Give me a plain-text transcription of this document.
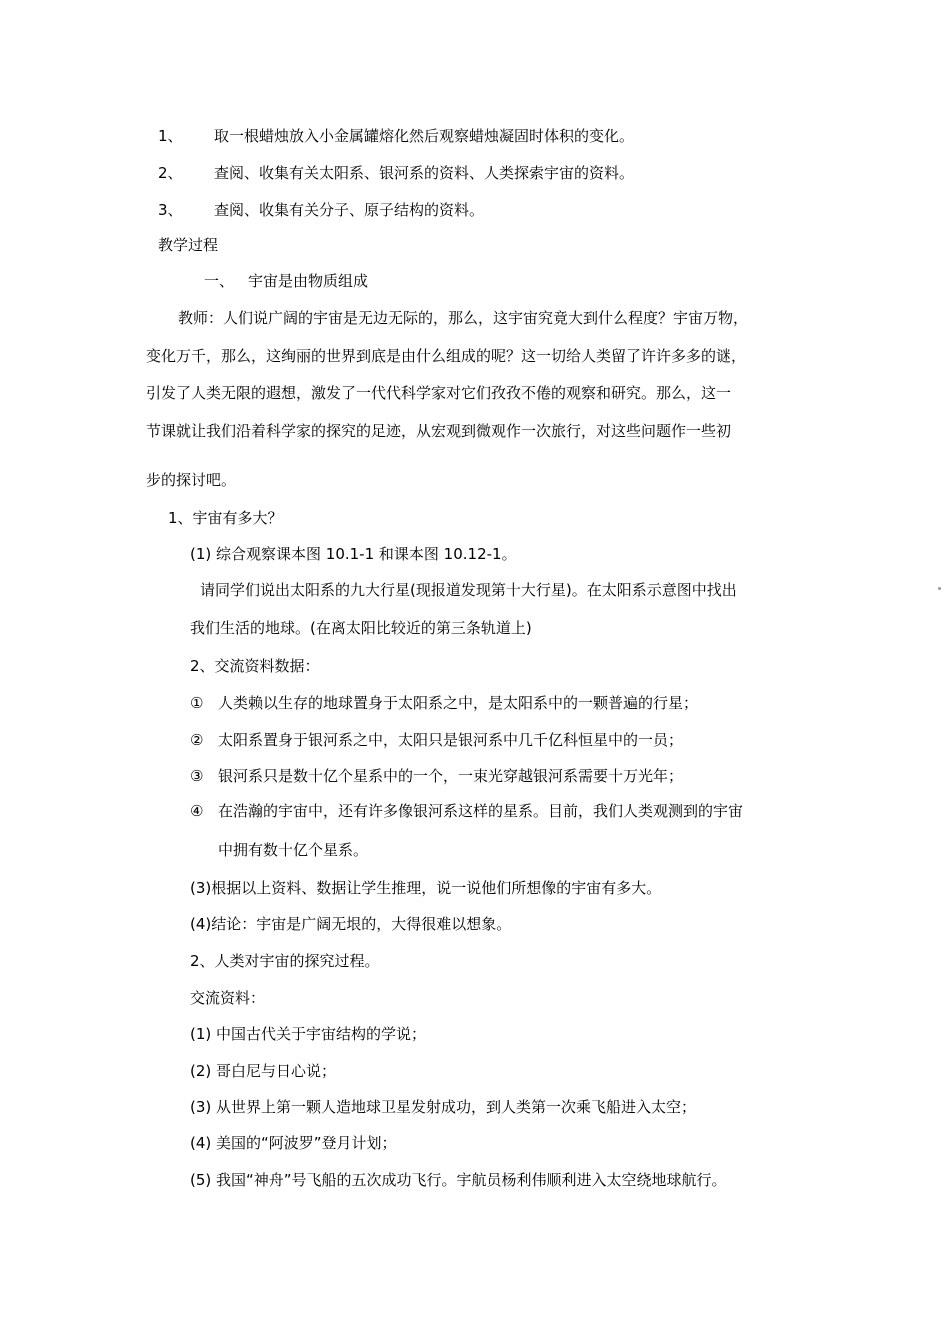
1、 取一根蜡烛放入小金属罐熔化然后观察蜡烛凝固时体积的变化。
2、 查阅、收集有关太阳系、银河系的资料、人类探索宇宙的资料。
3、 查阅、收集有关分子、原子结构的资料。
教学过程
一、 宇宙是由物质组成
教师：人们说广阔的宇宙是无边无际的，那么，这宇宙究竟大到什么程度？宇宙万物，
变化万千，那么，这绚丽的世界到底是由什么组成的呢？这一切给人类留了许许多多的谜，
引发了人类无限的遐想，激发了一代代科学家对它们孜孜不倦的观察和研究。那么，这一
节课就让我们沿着科学家的探究的足迹，从宏观到微观作一次旅行，对这些问题作一些初
步的探讨吧。
1、宇宙有多大？
(1) 综合观察课本图 10.1-1 和课本图 10.12-1。
请同学们说出太阳系的九大行星(现报道发现第十大行星)。在太阳系示意图中找出
我们生活的地球。(在离太阳比较近的第三条轨道上)
2、交流资料数据：
① 人类赖以生存的地球置身于太阳系之中，是太阳系中的一颗普遍的行星；
② 太阳系置身于银河系之中，太阳只是银河系中几千亿科恒星中的一员；
③ 银河系只是数十亿个星系中的一个，一束光穿越银河系需要十万光年；
④ 在浩瀚的宇宙中，还有许多像银河系这样的星系。目前，我们人类观测到的宇宙
中拥有数十亿个星系。
(3)根据以上资料、数据让学生推理，说一说他们所想像的宇宙有多大。
(4)结论：宇宙是广阔无垠的，大得很难以想象。
2、人类对宇宙的探究过程。
交流资料：
(1) 中国古代关于宇宙结构的学说；
(2) 哥白尼与日心说；
(3) 从世界上第一颗人造地球卫星发射成功，到人类第一次乘飞船进入太空；
(4) 美国的“阿波罗”登月计划；
(5) 我国“神舟”号飞船的五次成功飞行。宇航员杨利伟顺利进入太空绕地球航行。
